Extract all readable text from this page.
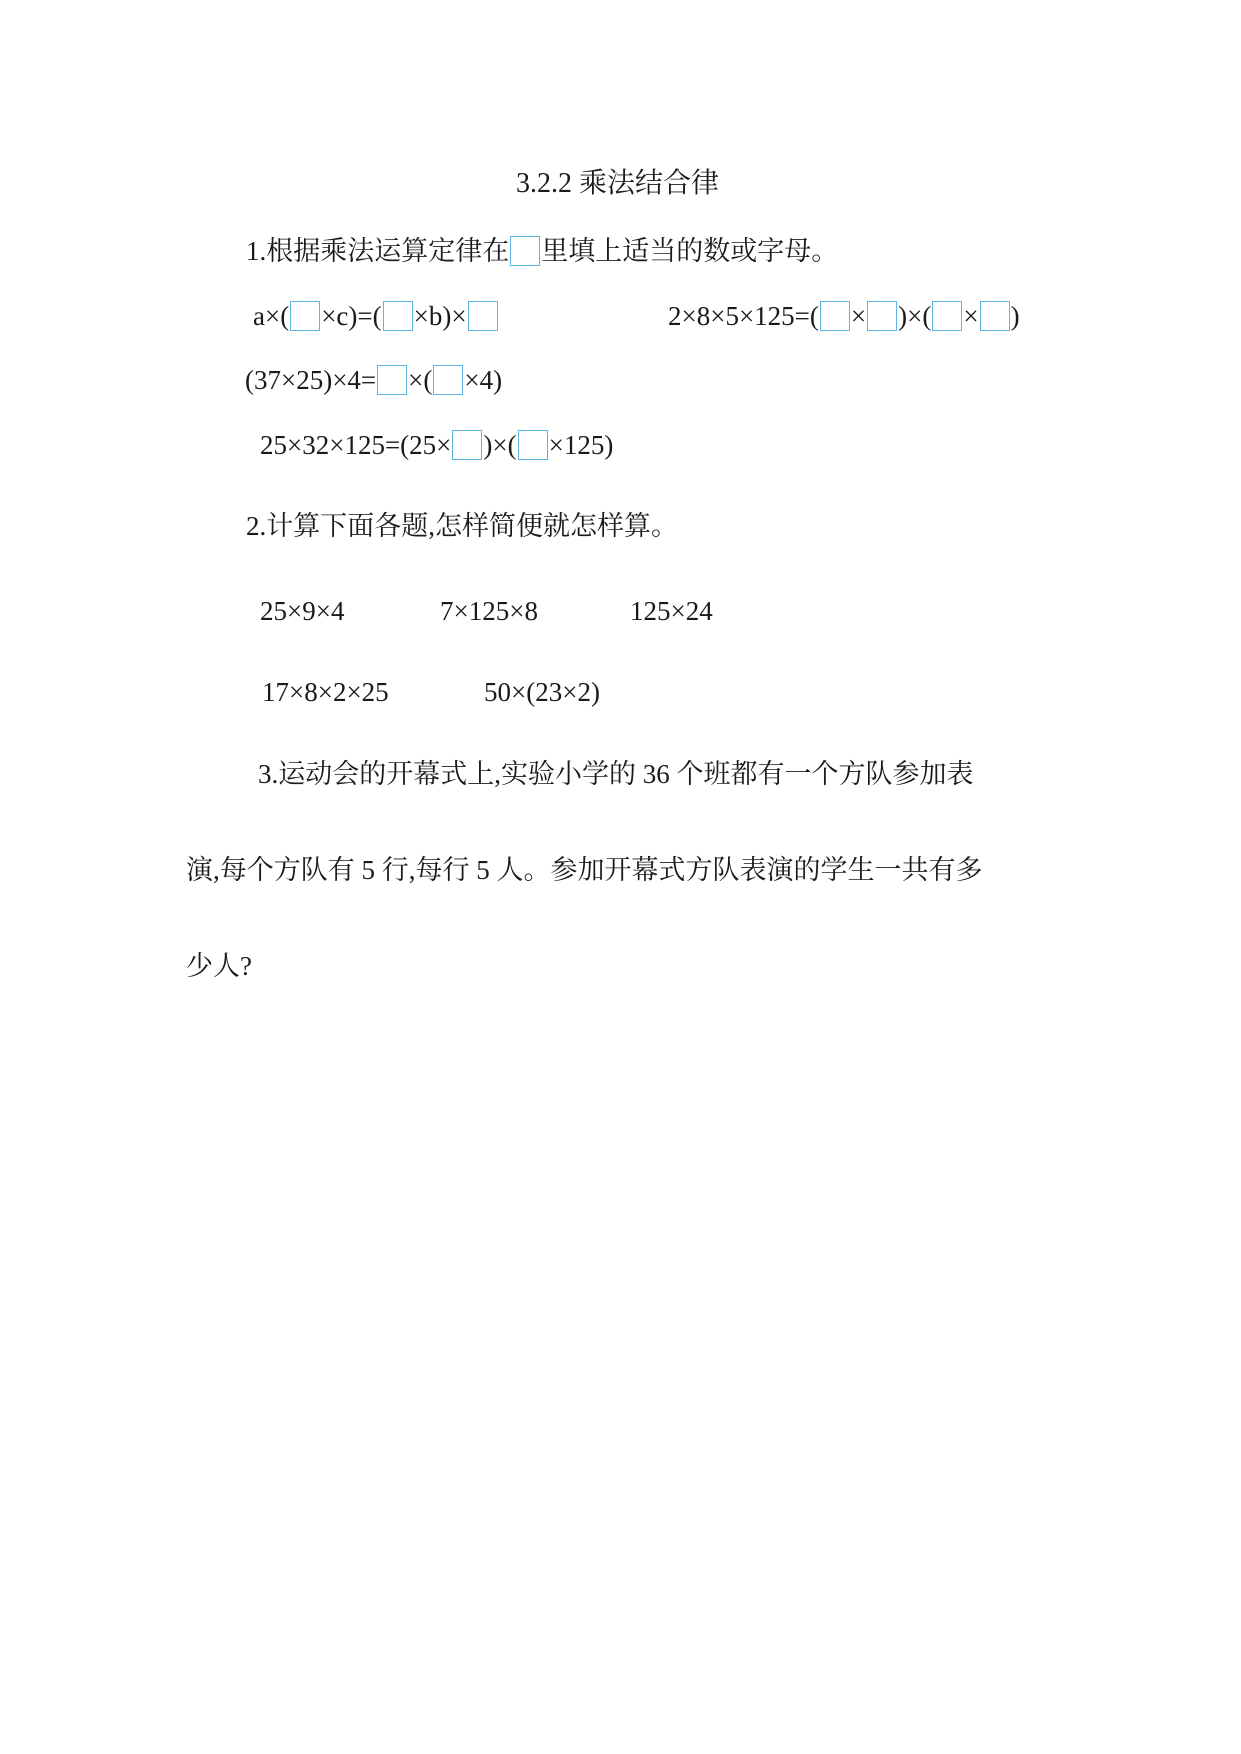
3.2.2 乘法结合律
1.根据乘法运算定律在 里填上适当的数或字母。
a×( ×c)=( ×b)×	2×8×5×125=( × )×( × )
(37×25)×4= ×( ×4)
25×32×125=(25× )×( ×125)
2.计算下面各题,怎样简便就怎样算。
25×9×4	7×125×8	125×24
17×8×2×25	50×(23×2)
3.运动会的开幕式上,实验小学的 36 个班都有一个方队参加表
演,每个方队有 5 行,每行 5 人。参加开幕式方队表演的学生一共有多
少人?
